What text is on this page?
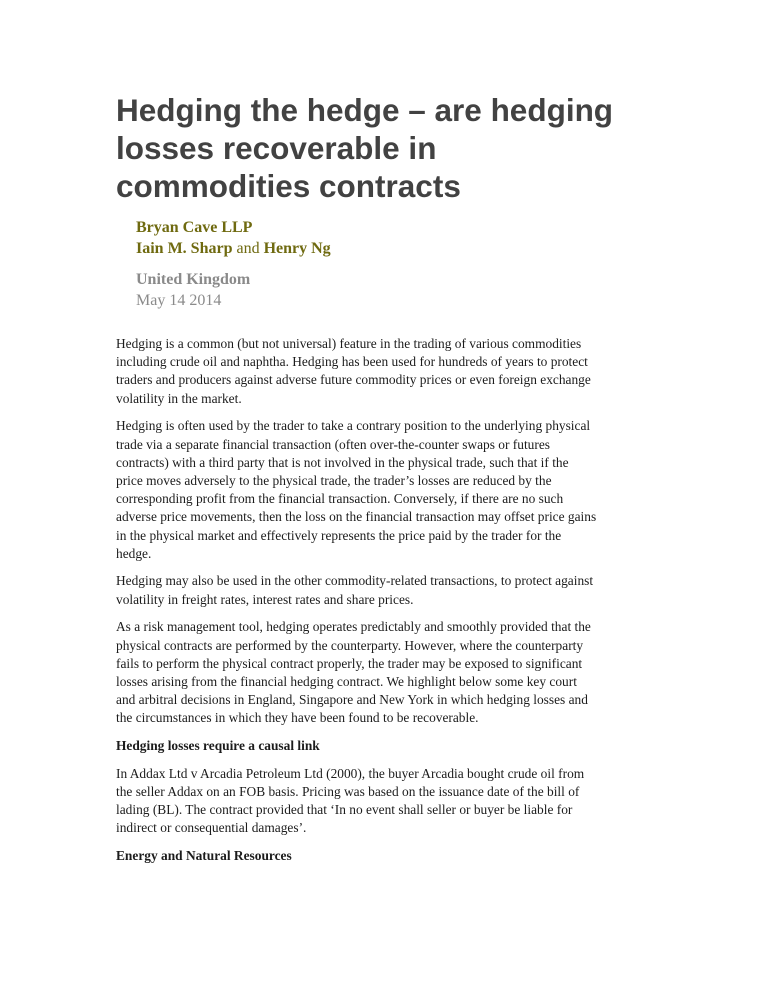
Hedging the hedge – are hedging
losses recoverable in
commodities contracts
Bryan Cave LLP
Iain M. Sharp and Henry Ng
United Kingdom
May 14 2014

Hedging is a common (but not universal) feature in the trading of various commodities
including crude oil and naphtha. Hedging has been used for hundreds of years to protect
traders and producers against adverse future commodity prices or even foreign exchange
volatility in the market.

Hedging is often used by the trader to take a contrary position to the underlying physical
trade via a separate financial transaction (often over-the-counter swaps or futures
contracts) with a third party that is not involved in the physical trade, such that if the
price moves adversely to the physical trade, the trader’s losses are reduced by the
corresponding profit from the financial transaction. Conversely, if there are no such
adverse price movements, then the loss on the financial transaction may offset price gains
in the physical market and effectively represents the price paid by the trader for the
hedge.

Hedging may also be used in the other commodity-related transactions, to protect against
volatility in freight rates, interest rates and share prices.

As a risk management tool, hedging operates predictably and smoothly provided that the
physical contracts are performed by the counterparty. However, where the counterparty
fails to perform the physical contract properly, the trader may be exposed to significant
losses arising from the financial hedging contract. We highlight below some key court
and arbitral decisions in England, Singapore and New York in which hedging losses and
the circumstances in which they have been found to be recoverable.

Hedging losses require a causal link

In Addax Ltd v Arcadia Petroleum Ltd (2000), the buyer Arcadia bought crude oil from
the seller Addax on an FOB basis. Pricing was based on the issuance date of the bill of
lading (BL). The contract provided that ‘In no event shall seller or buyer be liable for
indirect or consequential damages’.

Energy and Natural Resources
